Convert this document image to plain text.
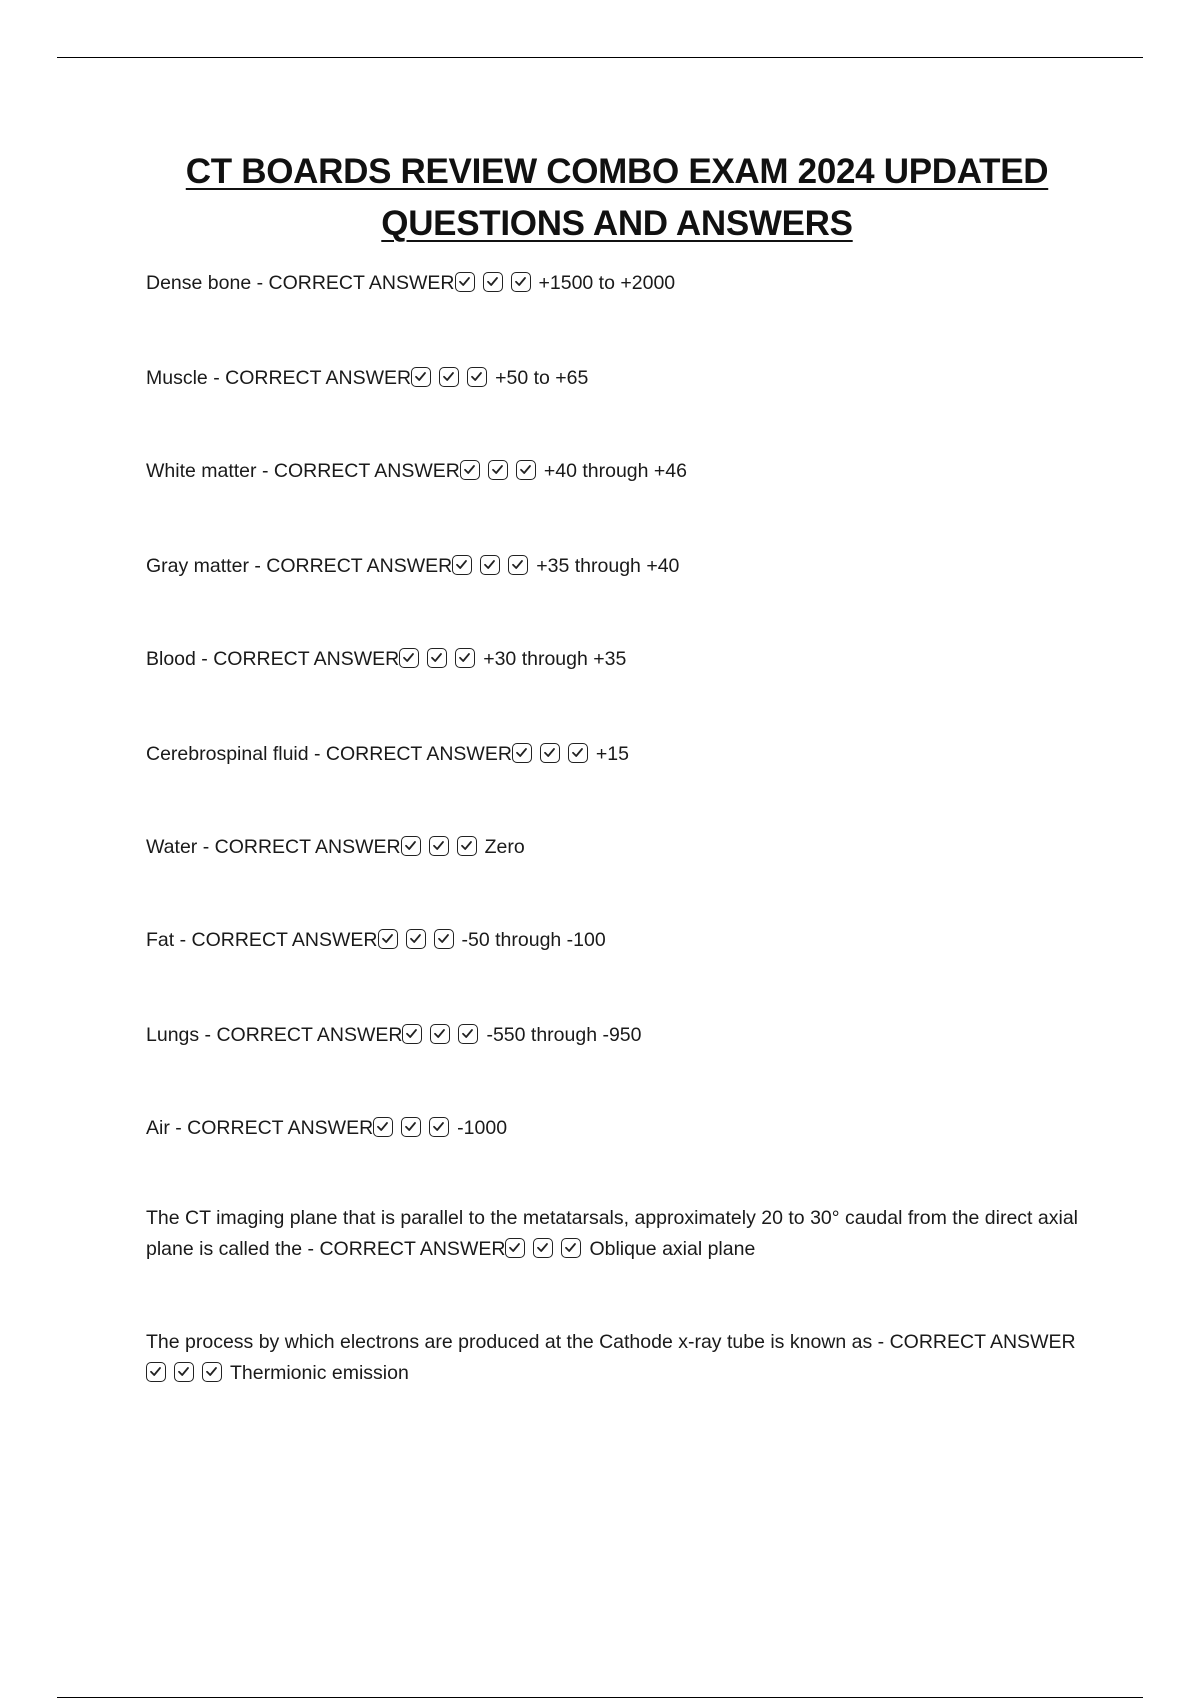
CT BOARDS REVIEW COMBO EXAM 2024 UPDATED
QUESTIONS AND ANSWERS
Dense bone - CORRECT ANSWER	+1500 to +2000
Muscle - CORRECT ANSWER	+50 to +65
White matter - CORRECT ANSWER	+40 through +46
Gray matter - CORRECT ANSWER	+35 through +40
Blood - CORRECT ANSWER	+30 through +35
Cerebrospinal fluid - CORRECT ANSWER	+15
Water - CORRECT ANSWER	Zero
Fat - CORRECT ANSWER	-50 through -100
Lungs - CORRECT ANSWER	-550 through -950
Air - CORRECT ANSWER	-1000
The CT imaging plane that is parallel to the metatarsals, approximately 20 to 30° caudal from the direct axial plane is called the - CORRECT ANSWER	Oblique axial plane
The process by which electrons are produced at the Cathode x-ray tube is known as - CORRECT ANSWER
Thermionic emission
